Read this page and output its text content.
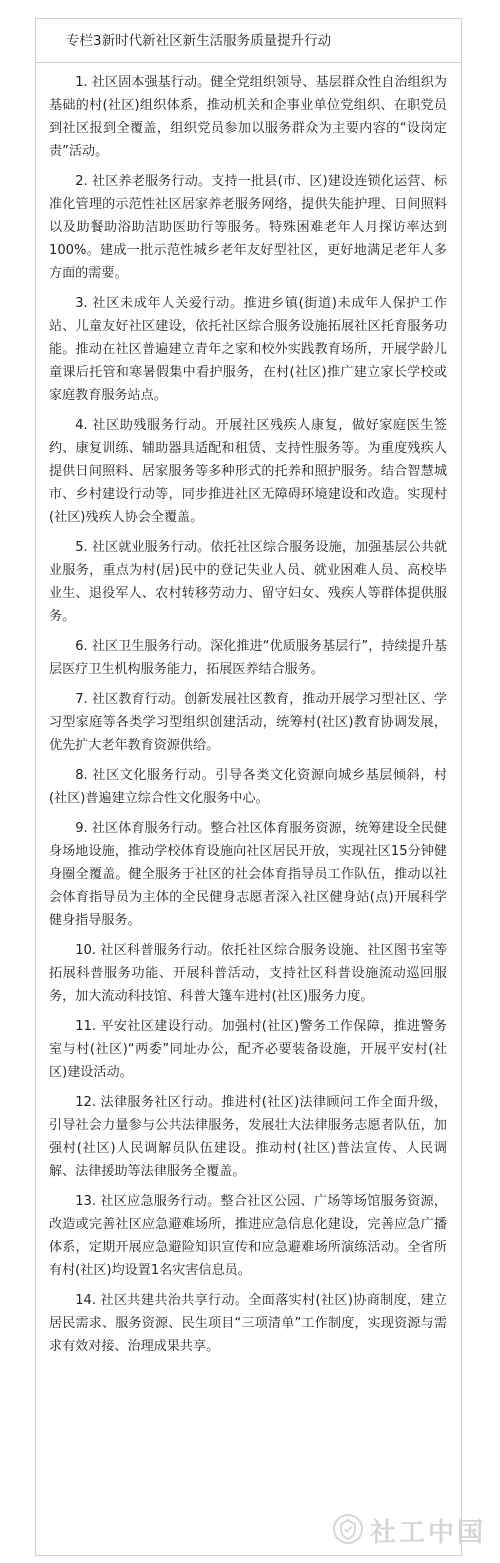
专栏3新时代新社区新生活服务质量提升行动

1. 社区固本强基行动。健全党组织领导、基层群众性自治组织为基础的村(社区)组织体系，推动机关和企事业单位党组织、在职党员到社区报到全覆盖，组织党员参加以服务群众为主要内容的“设岗定责”活动。

2. 社区养老服务行动。支持一批县(市、区)建设连锁化运营、标准化管理的示范性社区居家养老服务网络，提供失能护理、日间照料以及助餐助浴助洁助医助行等服务。特殊困难老年人月探访率达到100%。建成一批示范性城乡老年友好型社区，更好地满足老年人多方面的需要。

3. 社区未成年人关爱行动。推进乡镇(街道)未成年人保护工作站、儿童友好社区建设，依托社区综合服务设施拓展社区托育服务功能。推动在社区普遍建立青年之家和校外实践教育场所，开展学龄儿童课后托管和寒暑假集中看护服务，在村(社区)推广建立家长学校或家庭教育服务站点。

4. 社区助残服务行动。开展社区残疾人康复，做好家庭医生签约、康复训练、辅助器具适配和租赁、支持性服务等。为重度残疾人提供日间照料、居家服务等多种形式的托养和照护服务。结合智慧城市、乡村建设行动等，同步推进社区无障碍环境建设和改造。实现村(社区)残疾人协会全覆盖。

5. 社区就业服务行动。依托社区综合服务设施，加强基层公共就业服务，重点为村(居)民中的登记失业人员、就业困难人员、高校毕业生、退役军人、农村转移劳动力、留守妇女、残疾人等群体提供服务。

6. 社区卫生服务行动。深化推进“优质服务基层行”，持续提升基层医疗卫生机构服务能力，拓展医养结合服务。

7. 社区教育行动。创新发展社区教育，推动开展学习型社区、学习型家庭等各类学习型组织创建活动，统筹村(社区)教育协调发展，优先扩大老年教育资源供给。

8. 社区文化服务行动。引导各类文化资源向城乡基层倾斜，村(社区)普遍建立综合性文化服务中心。

9. 社区体育服务行动。整合社区体育服务资源，统筹建设全民健身场地设施，推动学校体育设施向社区居民开放，实现社区15分钟健身圈全覆盖。健全服务于社区的社会体育指导员工作队伍，推动以社会体育指导员为主体的全民健身志愿者深入社区健身站(点)开展科学健身指导服务。

10. 社区科普服务行动。依托社区综合服务设施、社区图书室等拓展科普服务功能、开展科普活动，支持社区科普设施流动巡回服务，加大流动科技馆、科普大篷车进村(社区)服务力度。

11. 平安社区建设行动。加强村(社区)警务工作保障，推进警务室与村(社区)“两委”同址办公，配齐必要装备设施，开展平安村(社区)建设活动。

12. 法律服务社区行动。推进村(社区)法律顾问工作全面升级，引导社会力量参与公共法律服务，发展壮大法律服务志愿者队伍，加强村(社区)人民调解员队伍建设。推动村(社区)普法宣传、人民调解、法律援助等法律服务全覆盖。

13. 社区应急服务行动。整合社区公园、广场等场馆服务资源，改造或完善社区应急避难场所，推进应急信息化建设，完善应急广播体系，定期开展应急避险知识宣传和应急避难场所演练活动。全省所有村(社区)均设置1名灾害信息员。

14. 社区共建共治共享行动。全面落实村(社区)协商制度，建立居民需求、服务资源、民生项目“三项清单”工作制度，实现资源与需求有效对接、治理成果共享。

社工中国
